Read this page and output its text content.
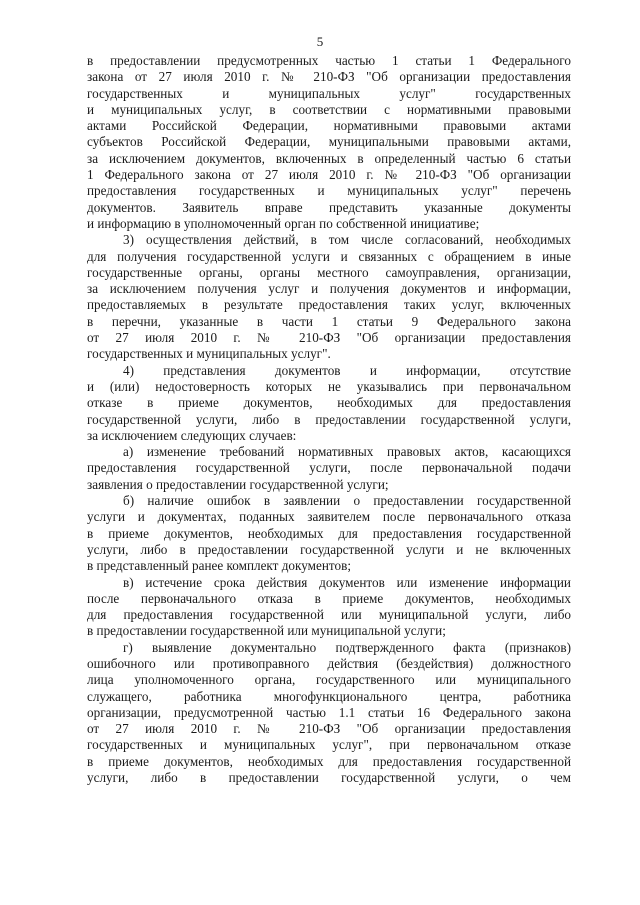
5
в предоставлении предусмотренных частью 1 статьи 1 Федерального
закона от 27 июля 2010 г. № 210-ФЗ "Об организации предоставления
государственных и муниципальных услуг" государственных
и муниципальных услуг, в соответствии с нормативными правовыми
актами Российской Федерации, нормативными правовыми актами
субъектов Российской Федерации, муниципальными правовыми актами,
за исключением документов, включенных в определенный частью 6 статьи
1 Федерального закона от 27 июля 2010 г. № 210-ФЗ "Об организации
предоставления государственных и муниципальных услуг" перечень
документов. Заявитель вправе представить указанные документы
и информацию в уполномоченный орган по собственной инициативе;
3) осуществления действий, в том числе согласований, необходимых
для получения государственной услуги и связанных с обращением в иные
государственные органы, органы местного самоуправления, организации,
за исключением получения услуг и получения документов и информации,
предоставляемых в результате предоставления таких услуг, включенных
в перечни, указанные в части 1 статьи 9 Федерального закона
от 27 июля 2010 г. № 210-ФЗ "Об организации предоставления
государственных и муниципальных услуг".
4) представления документов и информации, отсутствие
и (или) недостоверность которых не указывались при первоначальном
отказе в приеме документов, необходимых для предоставления
государственной услуги, либо в предоставлении государственной услуги,
за исключением следующих случаев:
а) изменение требований нормативных правовых актов, касающихся
предоставления государственной услуги, после первоначальной подачи
заявления о предоставлении государственной услуги;
б) наличие ошибок в заявлении о предоставлении государственной
услуги и документах, поданных заявителем после первоначального отказа
в приеме документов, необходимых для предоставления государственной
услуги, либо в предоставлении государственной услуги и не включенных
в представленный ранее комплект документов;
в) истечение срока действия документов или изменение информации
после первоначального отказа в приеме документов, необходимых
для предоставления государственной или муниципальной услуги, либо
в предоставлении государственной или муниципальной услуги;
г) выявление документально подтвержденного факта (признаков)
ошибочного или противоправного действия (бездействия) должностного
лица уполномоченного органа, государственного или муниципального
служащего, работника многофункционального центра, работника
организации, предусмотренной частью 1.1 статьи 16 Федерального закона
от 27 июля 2010 г. № 210-ФЗ "Об организации предоставления
государственных и муниципальных услуг", при первоначальном отказе
в приеме документов, необходимых для предоставления государственной
услуги, либо в предоставлении государственной услуги, о чем
